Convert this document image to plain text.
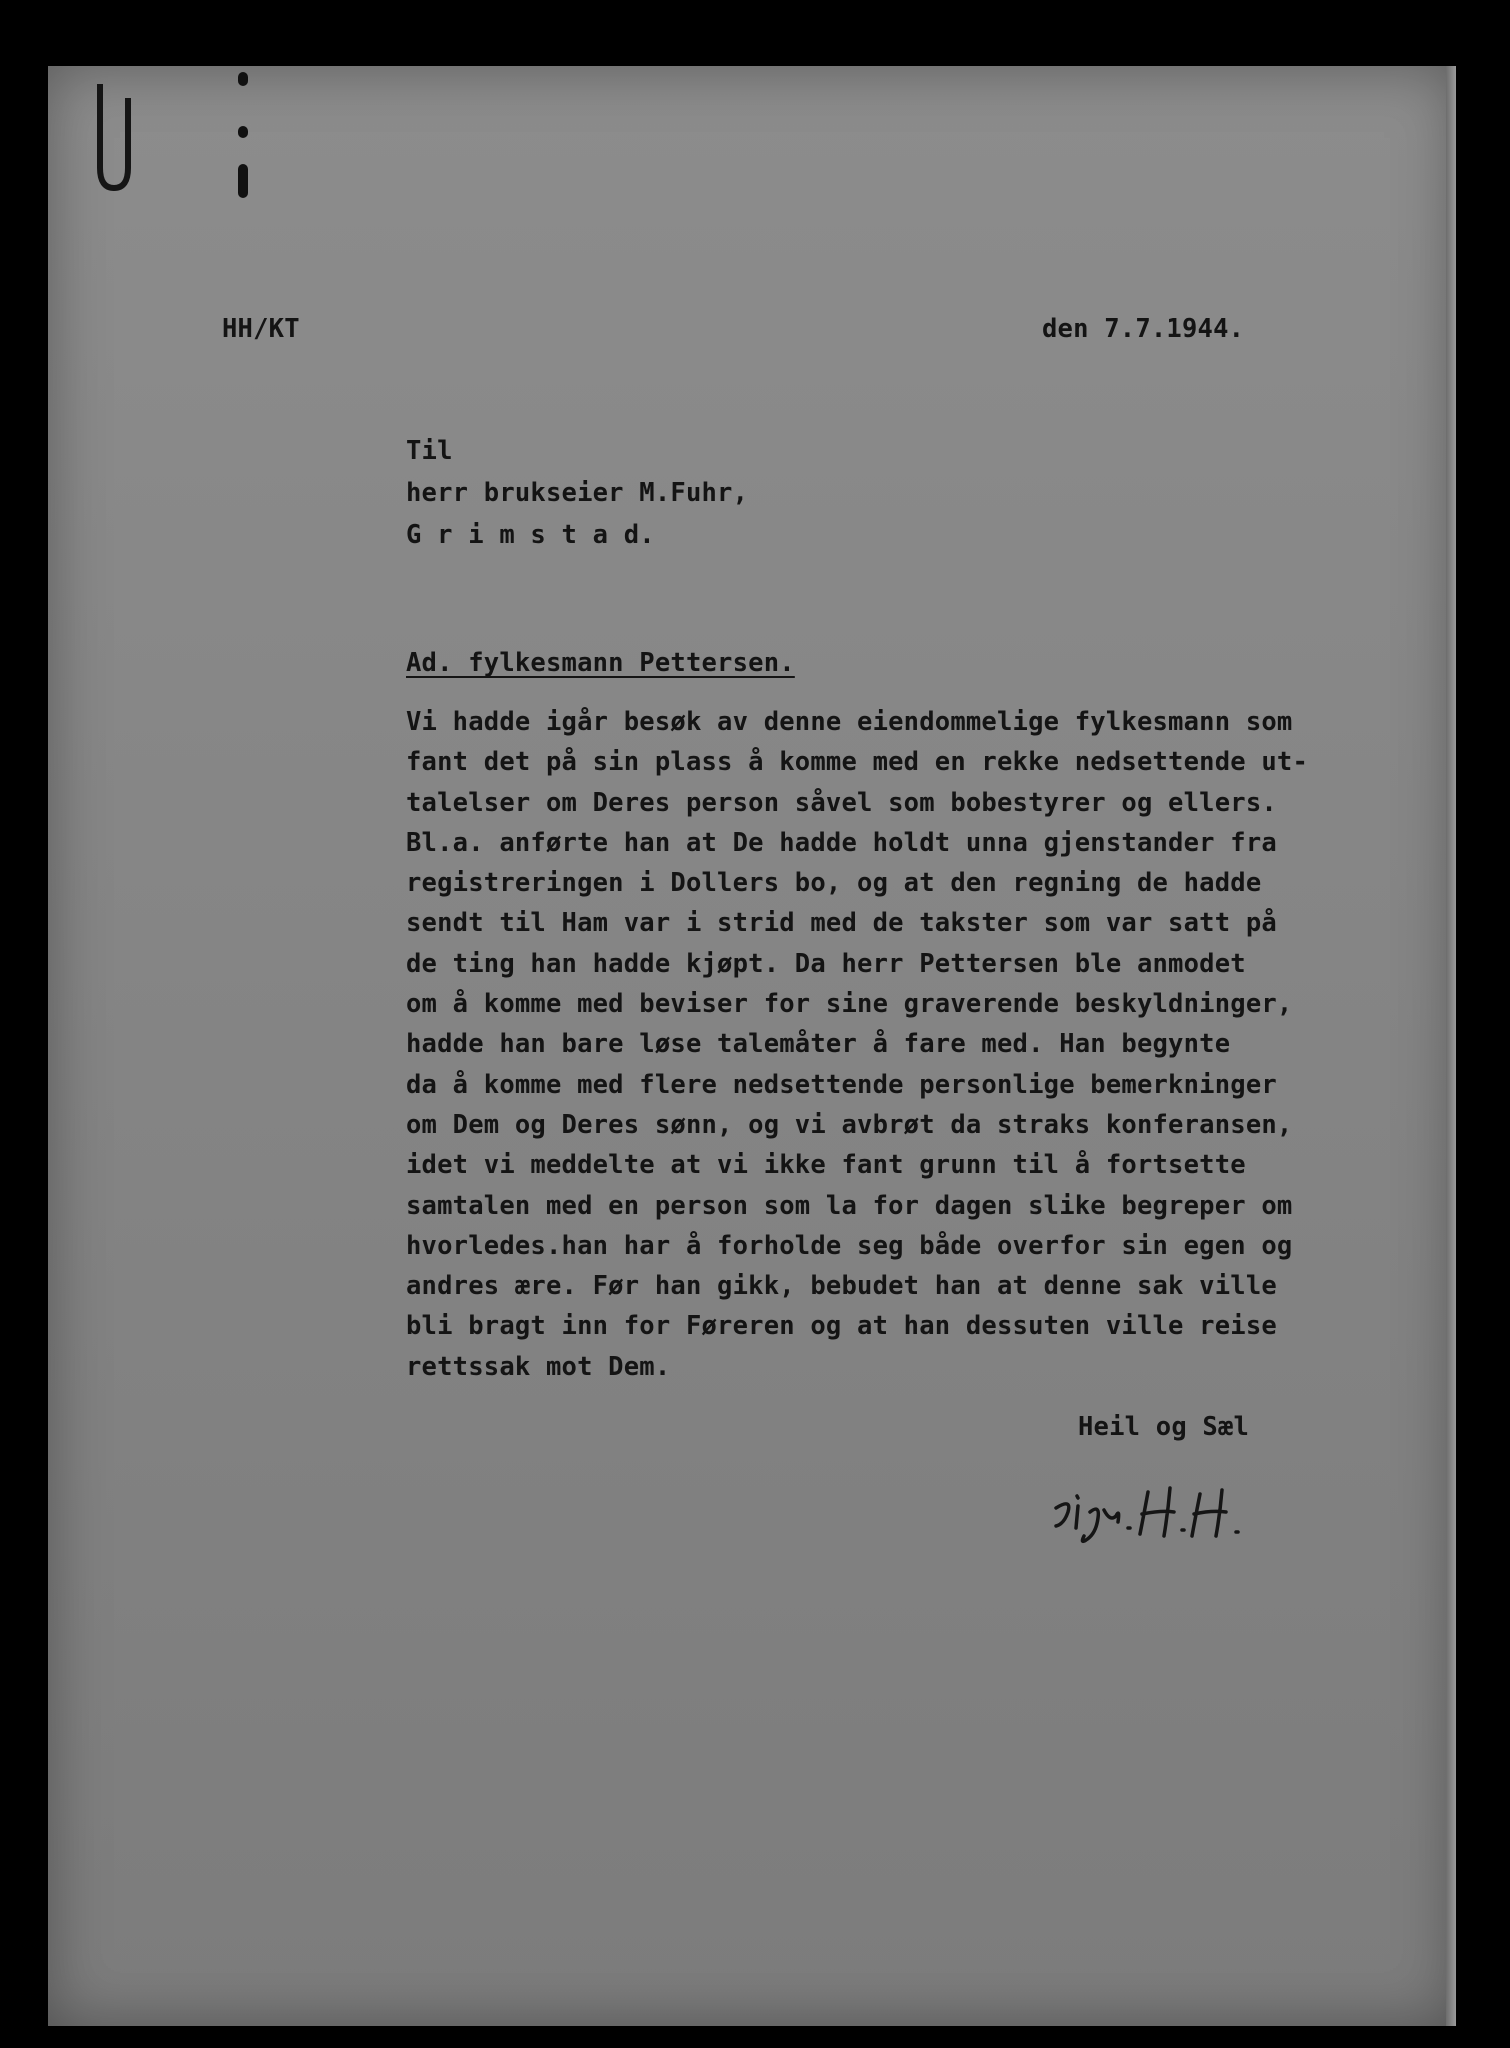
HH/KT	den 7.7.1944.
Til
herr brukseier M.Fuhr,
G r i m s t a d.
Ad. fylkesmann Pettersen.
Vi hadde igår besøk av denne eiendommelige fylkesmann som
fant det på sin plass å komme med en rekke nedsettende ut-
talelser om Deres person såvel som bobestyrer og ellers.
Bl.a. anførte han at De hadde holdt unna gjenstander fra
registreringen i Dollers bo, og at den regning de hadde
sendt til Ham var i strid med de takster som var satt på
de ting han hadde kjøpt. Da herr Pettersen ble anmodet
om å komme med beviser for sine graverende beskyldninger,
hadde han bare løse talemåter å fare med. Han begynte
da å komme med flere nedsettende personlige bemerkninger
om Dem og Deres sønn, og vi avbrøt da straks konferansen,
idet vi meddelte at vi ikke fant grunn til å fortsette
samtalen med en person som la for dagen slike begreper om
hvorledes.han har å forholde seg både overfor sin egen og
andres ære. Før han gikk, bebudet han at denne sak ville
bli bragt inn for Føreren og at han dessuten ville reise
rettssak mot Dem.
Heil og Sæl
